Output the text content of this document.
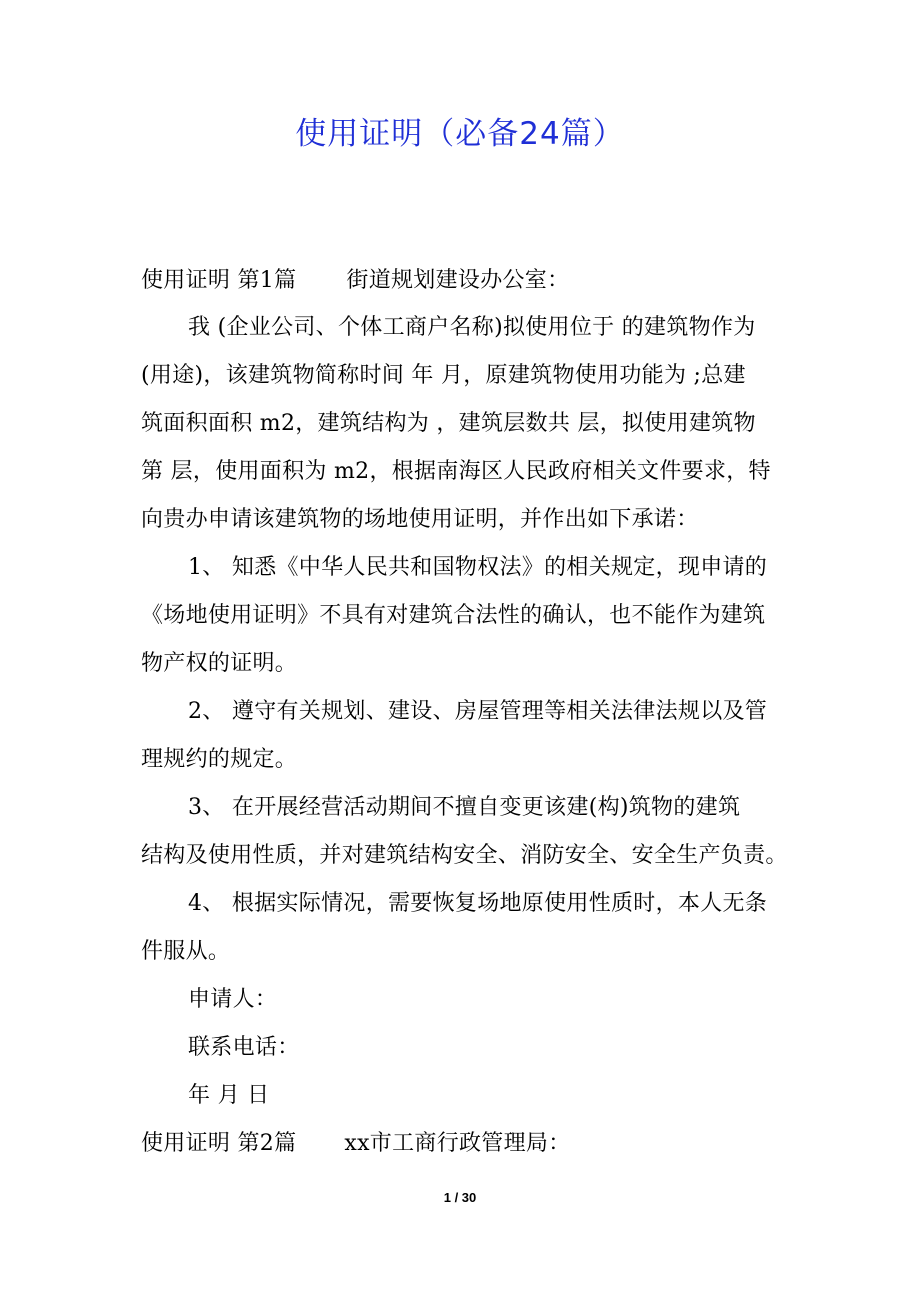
使用证明（必备24篇）
使用证明 第1篇 街道规划建设办公室：
我 (企业公司、个体工商户名称)拟使用位于 的建筑物作为
(用途)，该建筑物简称时间 年 月，原建筑物使用功能为 ;总建
筑面积面积 m2，建筑结构为 ，建筑层数共 层，拟使用建筑物
第 层，使用面积为 m2，根据南海区人民政府相关文件要求，特
向贵办申请该建筑物的场地使用证明，并作出如下承诺：
1、 知悉《中华人民共和国物权法》的相关规定，现申请的
《场地使用证明》不具有对建筑合法性的确认，也不能作为建筑
物产权的证明。
2、 遵守有关规划、建设、房屋管理等相关法律法规以及管
理规约的规定。
3、 在开展经营活动期间不擅自变更该建(构)筑物的建筑
结构及使用性质，并对建筑结构安全、消防安全、安全生产负责。
4、 根据实际情况，需要恢复场地原使用性质时，本人无条
件服从。
申请人：
联系电话：
年 月 日
使用证明 第2篇 xx市工商行政管理局：
1 / 30
